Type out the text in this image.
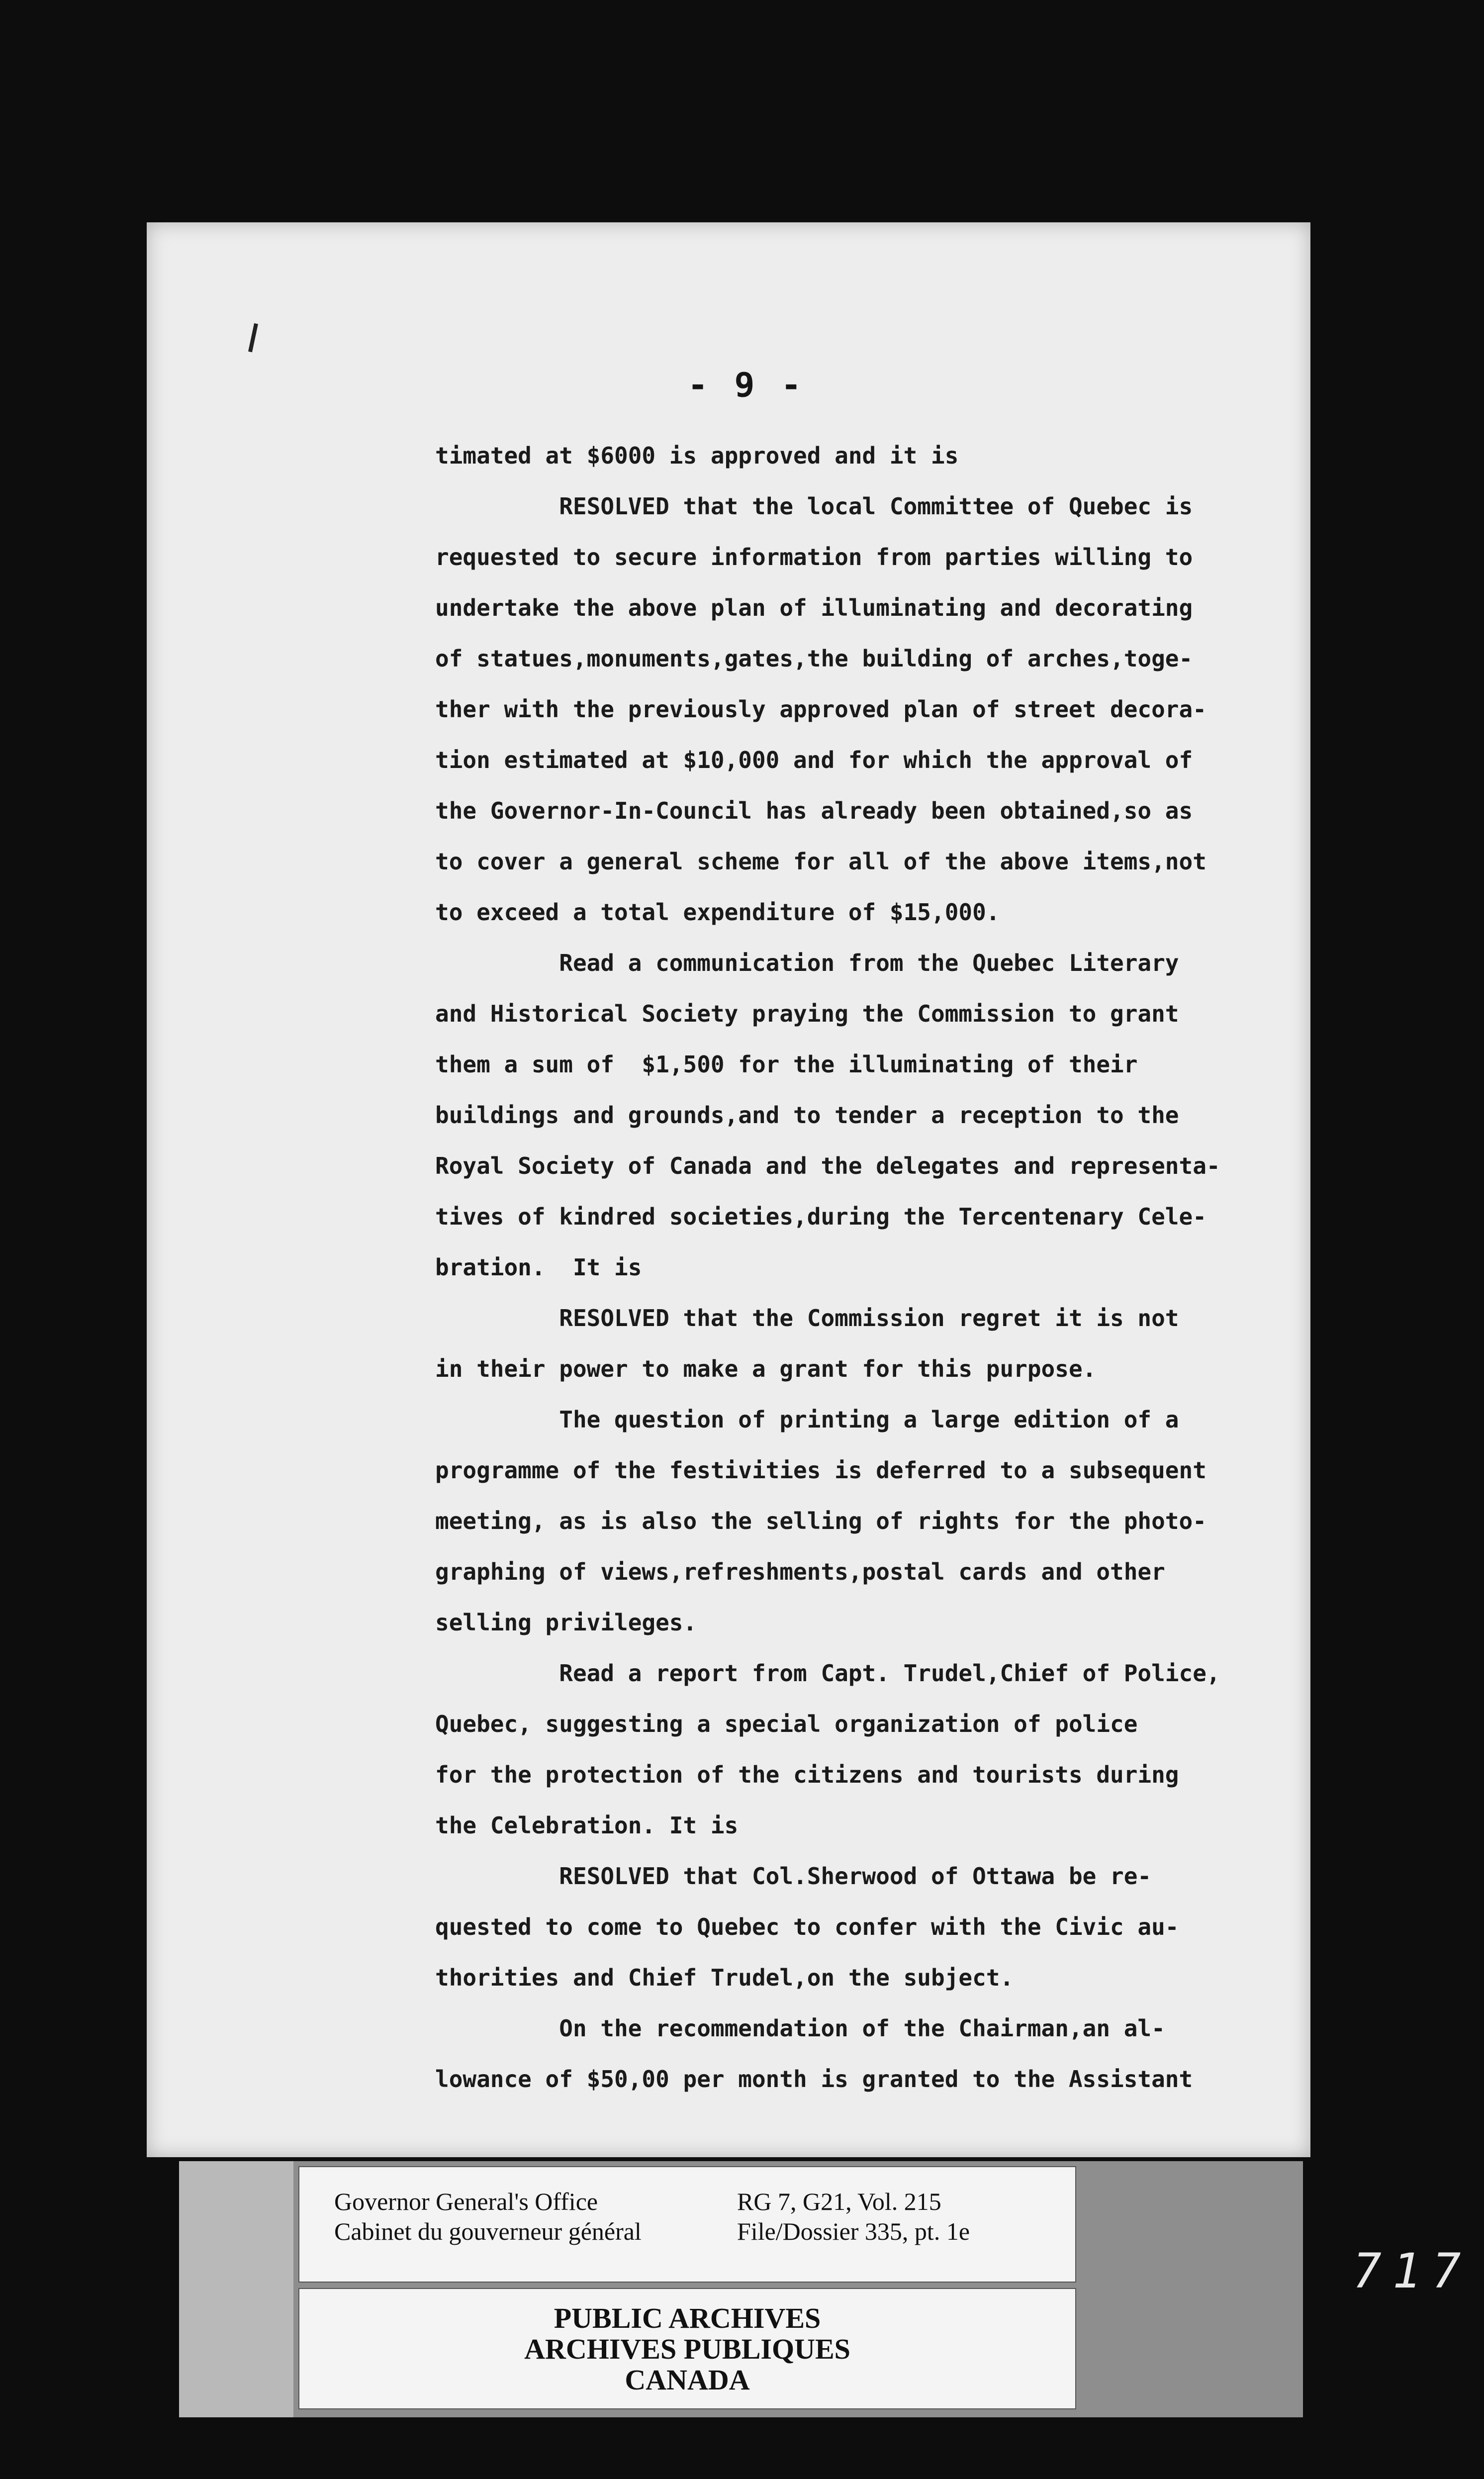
- 9 -
timated at $6000 is approved and it is
RESOLVED that the local Committee of Quebec is
requested to secure information from parties willing to
undertake the above plan of illuminating and decorating
of statues,monuments,gates,the building of arches,toge-
ther with the previously approved plan of street decora-
tion estimated at $10,000 and for which the approval of
the Governor-In-Council has already been obtained,so as
to cover a general scheme for all of the above items,not
to exceed a total expenditure of $15,000.
Read a communication from the Quebec Literary
and Historical Society praying the Commission to grant
them a sum of  $1,500 for the illuminating of their
buildings and grounds,and to tender a reception to the
Royal Society of Canada and the delegates and representa-
tives of kindred societies,during the Tercentenary Cele-
bration.  It is
RESOLVED that the Commission regret it is not
in their power to make a grant for this purpose.
The question of printing a large edition of a
programme of the festivities is deferred to a subsequent
meeting, as is also the selling of rights for the photo-
graphing of views,refreshments,postal cards and other
selling privileges.
Read a report from Capt. Trudel,Chief of Police,
Quebec, suggesting a special organization of police
for the protection of the citizens and tourists during
the Celebration. It is
RESOLVED that Col.Sherwood of Ottawa be re-
quested to come to Quebec to confer with the Civic au-
thorities and Chief Trudel,on the subject.
On the recommendation of the Chairman,an al-
lowance of $50,00 per month is granted to the Assistant
Governor General's Office
Cabinet du gouverneur général
RG 7, G21, Vol. 215
File/Dossier 335, pt. 1e
PUBLIC ARCHIVES
ARCHIVES PUBLIQUES
CANADA
717
